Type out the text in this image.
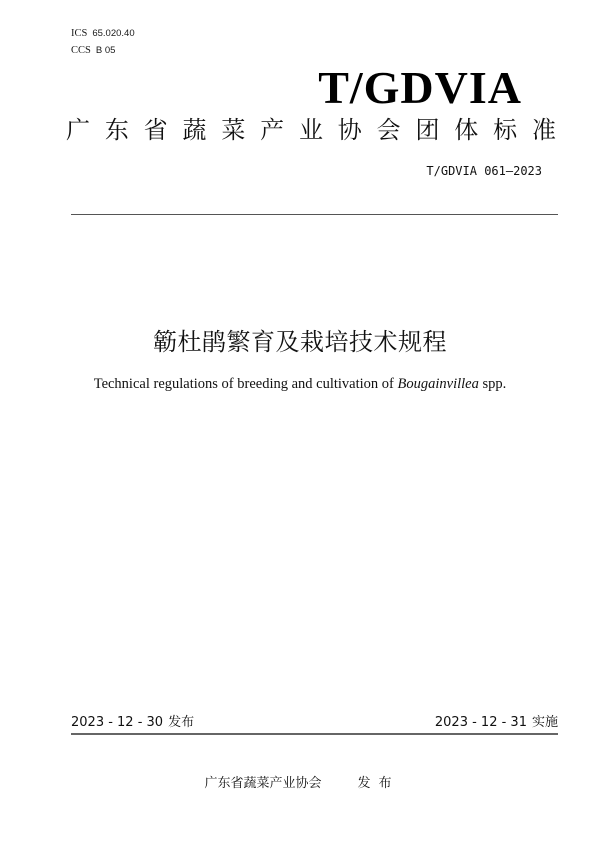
ICS 65.020.40
CCS B 05
T/GDVIA
广 东 省 蔬 菜 产 业 协 会 团 体 标 准
T/GDVIA 061—2023
簕杜鹃繁育及栽培技术规程
Technical regulations of breeding and cultivation of Bougainvillea spp.
2023 - 12 - 30 发布	2023 - 12 - 31 实施
广东省蔬菜产业协会	发 布
